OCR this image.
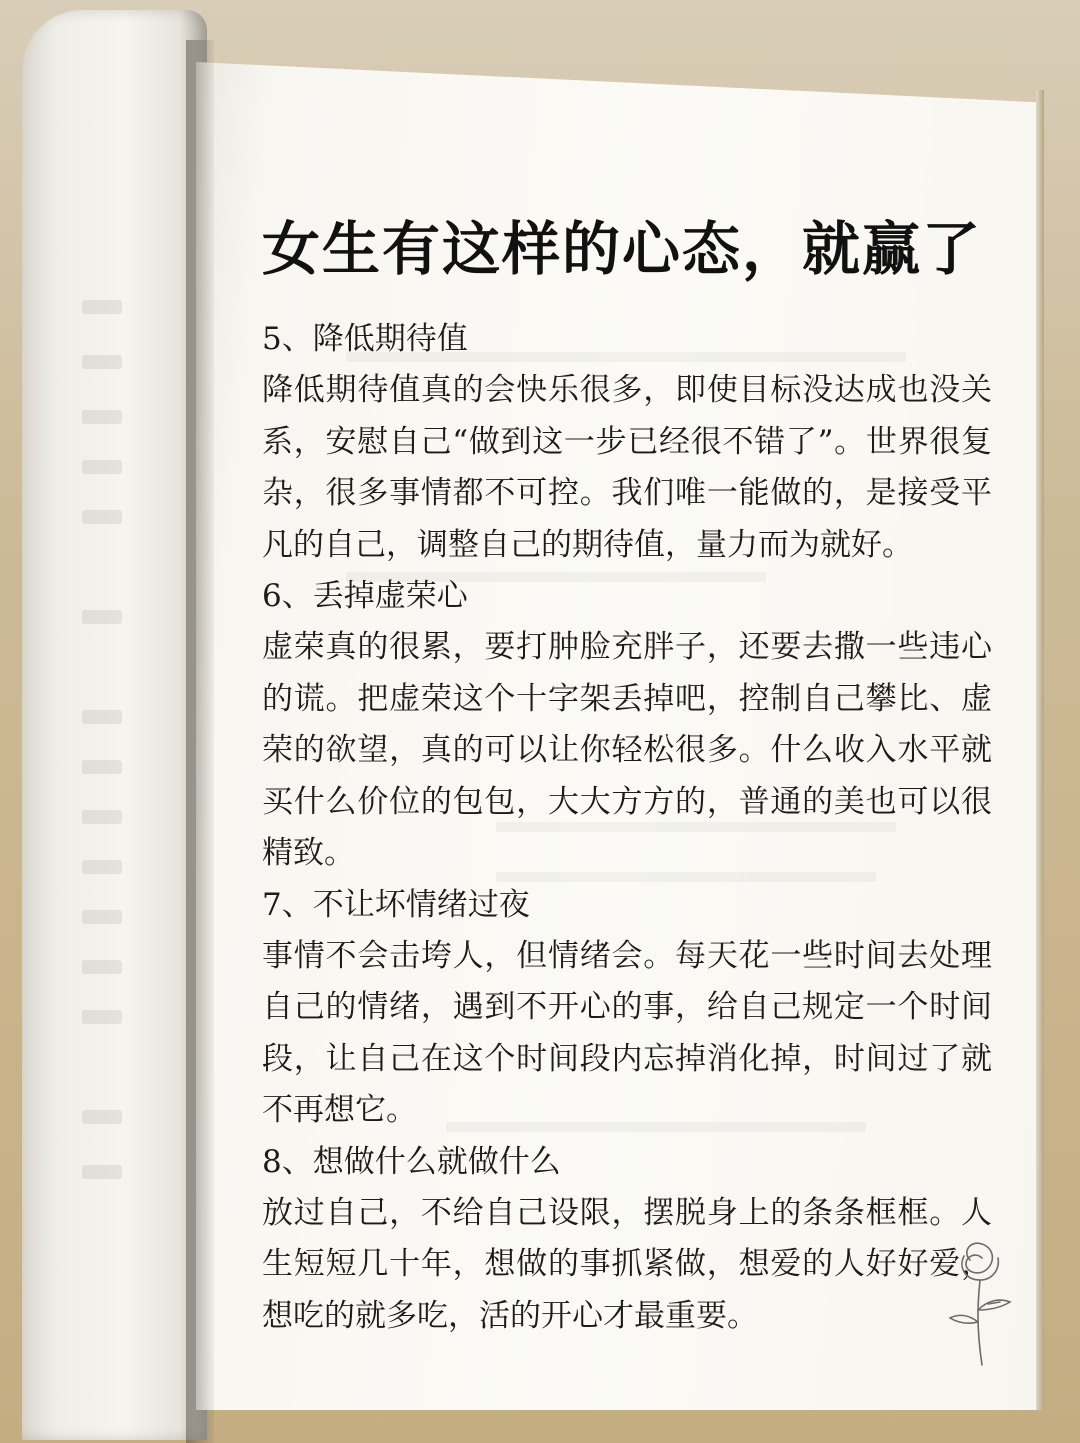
女生有这样的心态，就赢了

5、降低期待值

降低期待值真的会快乐很多，即使目标没达成也没关系，安慰自己“做到这一步已经很不错了”。世界很复杂，很多事情都不可控。我们唯一能做的，是接受平凡的自己，调整自己的期待值，量力而为就好。

6、丢掉虚荣心

虚荣真的很累，要打肿脸充胖子，还要去撒一些违心的谎。把虚荣这个十字架丢掉吧，控制自己攀比、虚荣的欲望，真的可以让你轻松很多。什么收入水平就买什么价位的包包，大大方方的，普通的美也可以很精致。

7、不让坏情绪过夜

事情不会击垮人，但情绪会。每天花一些时间去处理自己的情绪，遇到不开心的事，给自己规定一个时间段，让自己在这个时间段内忘掉消化掉，时间过了就不再想它。

8、想做什么就做什么

放过自己，不给自己设限，摆脱身上的条条框框。人生短短几十年，想做的事抓紧做，想爱的人好好爱，想吃的就多吃，活的开心才最重要。
